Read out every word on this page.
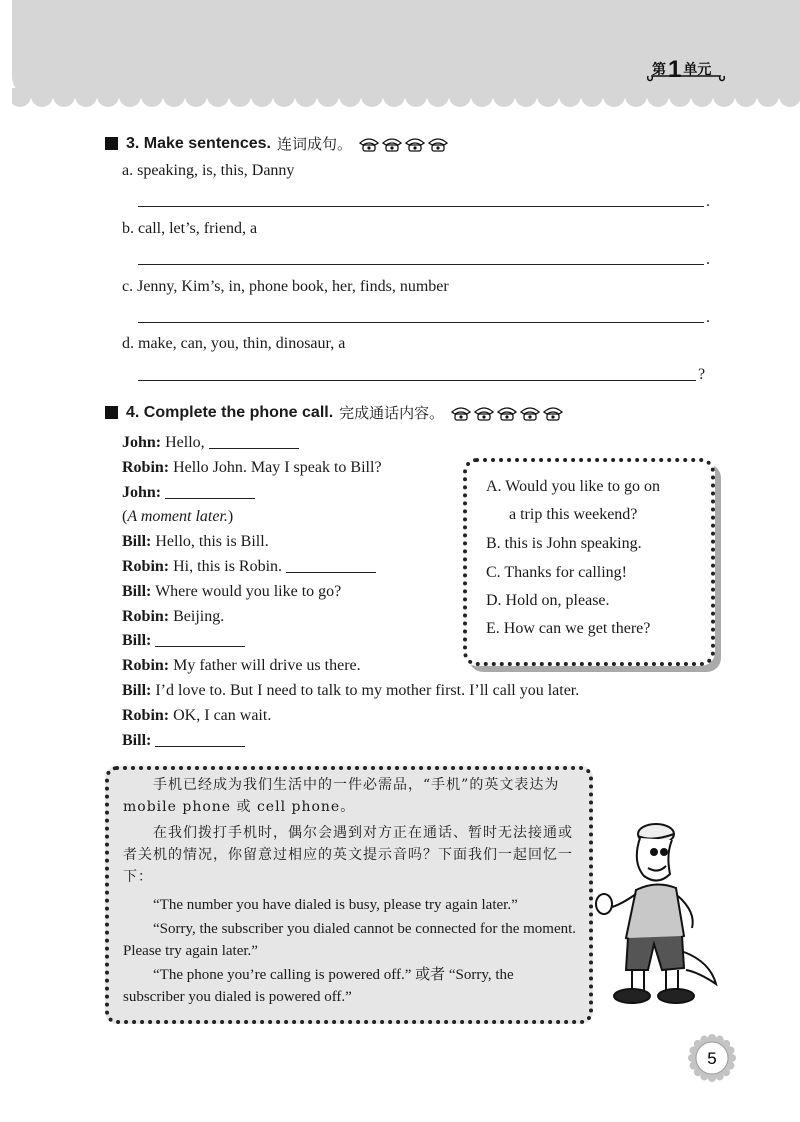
第1 单元
3. Make sentences. 连词成句。
a. speaking, is, this, Danny
.
b. call, let’s, friend, a
.
c. Jenny, Kim’s, in, phone book, her, finds, number
.
d. make, can, you, thin, dinosaur, a
?
4. Complete the phone call. 完成通话内容。
John: Hello,
Robin: Hello John. May I speak to Bill?
John:
(A moment later.)
Bill: Hello, this is Bill.
Robin: Hi, this is Robin.
Bill: Where would you like to go?
Robin: Beijing.
Bill:
Robin: My father will drive us there.
Bill: I’d love to. But I need to talk to my mother first. I’ll call you later.
Robin: OK, I can wait.
Bill:
A. Would you like to go on
a trip this weekend?
B. this is John speaking.
C. Thanks for calling!
D. Hold on, please.
E. How can we get there?
手机已经成为我们生活中的一件必需品，“手机”的英文表达为 mobile phone 或 cell phone。
在我们拨打手机时，偶尔会遇到对方正在通话、暂时无法接通或者关机的情况，你留意过相应的英文提示音吗？下面我们一起回忆一下：
“The number you have dialed is busy, please try again later.”
“Sorry, the subscriber you dialed cannot be connected for the moment. Please try again later.”
“The phone you’re calling is powered off.” 或者 “Sorry, the subscriber you dialed is powered off.”
5
